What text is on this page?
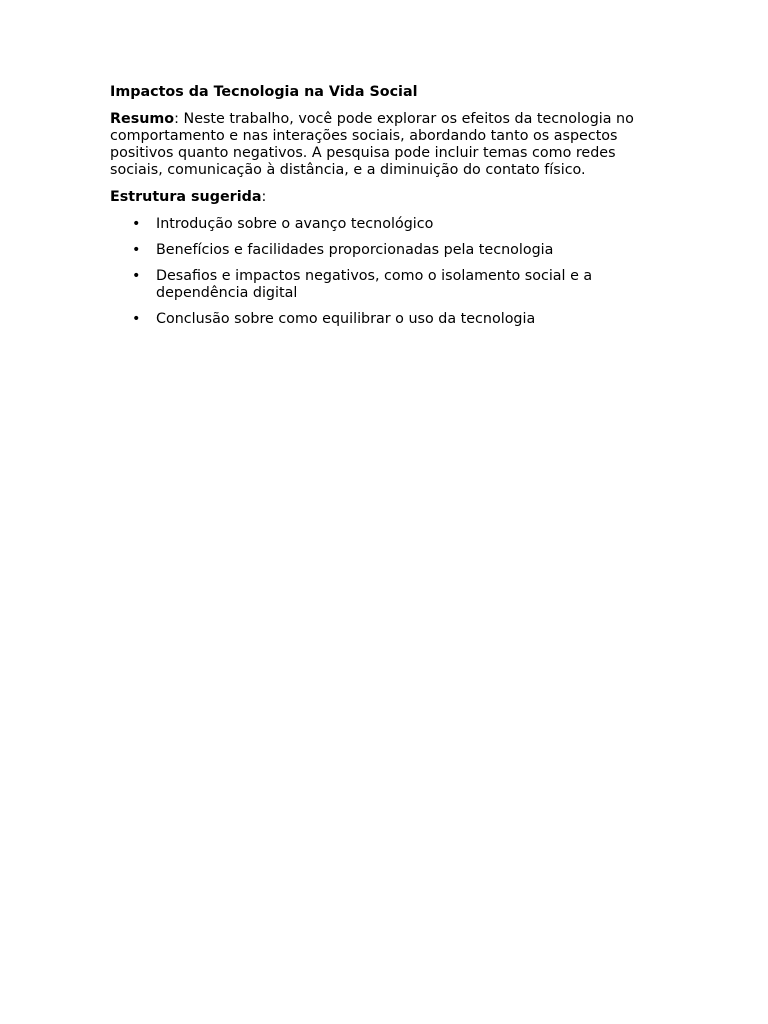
Impactos da Tecnologia na Vida Social

Resumo: Neste trabalho, você pode explorar os efeitos da tecnologia no comportamento e nas interações sociais, abordando tanto os aspectos positivos quanto negativos. A pesquisa pode incluir temas como redes sociais, comunicação à distância, e a diminuição do contato físico.

Estrutura sugerida:

• Introdução sobre o avanço tecnológico
• Benefícios e facilidades proporcionadas pela tecnologia
• Desafios e impactos negativos, como o isolamento social e a dependência digital
• Conclusão sobre como equilibrar o uso da tecnologia
